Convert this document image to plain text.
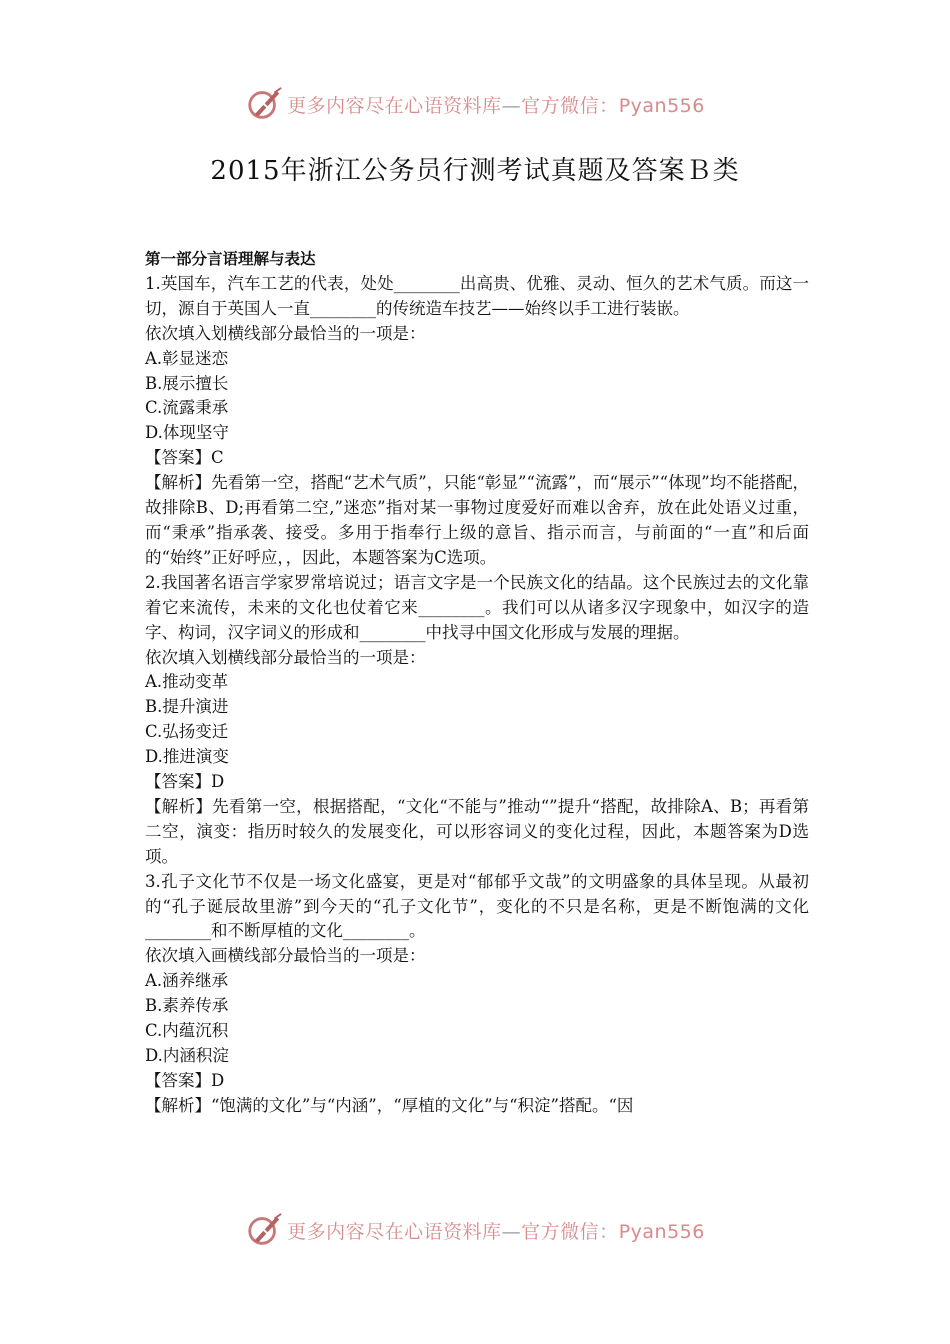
更多内容尽在心语资料库—官方微信：Pyan556
2015年浙江公务员行测考试真题及答案Ｂ类

第一部分言语理解与表达

1.英国车，汽车工艺的代表，处处________出高贵、优雅、灵动、恒久的艺术气质。而这一切，源自于英国人一直________的传统造车技艺——始终以手工进行装嵌。

依次填入划横线部分最恰当的一项是：

A.彰显迷恋

B.展示擅长

C.流露秉承

D.体现坚守

【答案】C

【解析】先看第一空，搭配“艺术气质”，只能“彰显”“流露”，而“展示”“体现”均不能搭配，故排除B、D;再看第二空,”迷恋”指对某一事物过度爱好而难以舍弃，放在此处语义过重，而“秉承”指承袭、接受。多用于指奉行上级的意旨、指示而言，与前面的“一直”和后面的“始终”正好呼应，，因此，本题答案为C选项。

2.我国著名语言学家罗常培说过；语言文字是一个民族文化的结晶。这个民族过去的文化靠着它来流传，未来的文化也仗着它来________。我们可以从诸多汉字现象中，如汉字的造字、构词，汉字词义的形成和________中找寻中国文化形成与发展的理据。

依次填入划横线部分最恰当的一项是：

A.推动变革

B.提升演进

C.弘扬变迁

D.推进演变

【答案】D

【解析】先看第一空，根据搭配，“文化“不能与”推动“”提升“搭配，故排除A、B；再看第二空，演变：指历时较久的发展变化，可以形容词义的变化过程，因此，本题答案为D选项。

3.孔子文化节不仅是一场文化盛宴，更是对“郁郁乎文哉”的文明盛象的具体呈现。从最初的“孔子诞辰故里游”到今天的“孔子文化节”，变化的不只是名称，更是不断饱满的文化________和不断厚植的文化________。

依次填入画横线部分最恰当的一项是：

A.涵养继承

B.素养传承

C.内蕴沉积

D.内涵积淀

【答案】D

【解析】“饱满的文化”与“内涵”，“厚植的文化”与“积淀”搭配。“因

更多内容尽在心语资料库—官方微信：Pyan556
